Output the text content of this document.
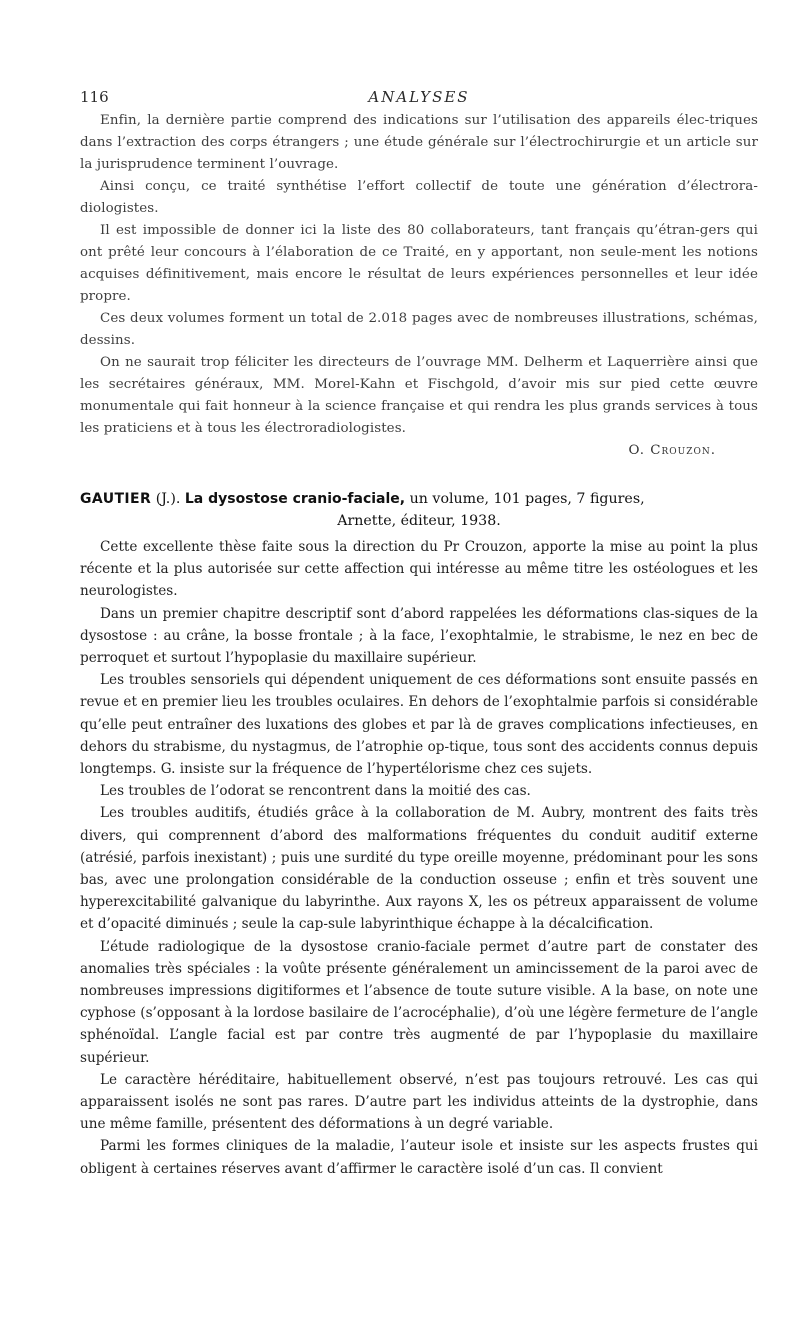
116	ANALYSES

Enfin, la dernière partie comprend des indications sur l’utilisation des appareils élec-triques dans l’extraction des corps étrangers ; une étude générale sur l’électrochirurgie et un article sur la jurisprudence terminent l’ouvrage.

Ainsi conçu, ce traité synthétise l’effort collectif de toute une génération d’électrora-diologistes.

Il est impossible de donner ici la liste des 80 collaborateurs, tant français qu’étran-gers qui ont prêté leur concours à l’élaboration de ce Traité, en y apportant, non seule-ment les notions acquises définitivement, mais encore le résultat de leurs expériences personnelles et leur idée propre.

Ces deux volumes forment un total de 2.018 pages avec de nombreuses illustrations, schémas, dessins.

On ne saurait trop féliciter les directeurs de l’ouvrage MM. Delherm et Laquerrière ainsi que les secrétaires généraux, MM. Morel-Kahn et Fischgold, d’avoir mis sur pied cette œuvre monumentale qui fait honneur à la science française et qui rendra les plus grands services à tous les praticiens et à tous les électroradiologistes.

O. Crouzon.

GAUTIER (J.). La dysostose cranio-faciale, un volume, 101 pages, 7 figures,
Arnette, éditeur, 1938.

Cette excellente thèse faite sous la direction du Pr Crouzon, apporte la mise au point la plus récente et la plus autorisée sur cette affection qui intéresse au même titre les ostéologues et les neurologistes.

Dans un premier chapitre descriptif sont d’abord rappelées les déformations clas-siques de la dysostose : au crâne, la bosse frontale ; à la face, l’exophtalmie, le strabisme, le nez en bec de perroquet et surtout l’hypoplasie du maxillaire supérieur.

Les troubles sensoriels qui dépendent uniquement de ces déformations sont ensuite passés en revue et en premier lieu les troubles oculaires. En dehors de l’exophtalmie parfois si considérable qu’elle peut entraîner des luxations des globes et par là de graves complications infectieuses, en dehors du strabisme, du nystagmus, de l’atrophie op-tique, tous sont des accidents connus depuis longtemps. G. insiste sur la fréquence de l’hypertélorisme chez ces sujets.

Les troubles de l’odorat se rencontrent dans la moitié des cas.

Les troubles auditifs, étudiés grâce à la collaboration de M. Aubry, montrent des faits très divers, qui comprennent d’abord des malformations fréquentes du conduit auditif externe (atrésié, parfois inexistant) ; puis une surdité du type oreille moyenne, prédominant pour les sons bas, avec une prolongation considérable de la conduction osseuse ; enfin et très souvent une hyperexcitabilité galvanique du labyrinthe. Aux rayons X, les os pétreux apparaissent de volume et d’opacité diminués ; seule la cap-sule labyrinthique échappe à la décalcification.

L’étude radiologique de la dysostose cranio-faciale permet d’autre part de constater des anomalies très spéciales : la voûte présente généralement un amincissement de la paroi avec de nombreuses impressions digitiformes et l’absence de toute suture visible. A la base, on note une cyphose (s’opposant à la lordose basilaire de l’acrocéphalie), d’où une légère fermeture de l’angle sphénoïdal. L’angle facial est par contre très augmenté de par l’hypoplasie du maxillaire supérieur.

Le caractère héréditaire, habituellement observé, n’est pas toujours retrouvé. Les cas qui apparaissent isolés ne sont pas rares. D’autre part les individus atteints de la dystrophie, dans une même famille, présentent des déformations à un degré variable.

Parmi les formes cliniques de la maladie, l’auteur isole et insiste sur les aspects frustes qui obligent à certaines réserves avant d’affirmer le caractère isolé d’un cas. Il convient
